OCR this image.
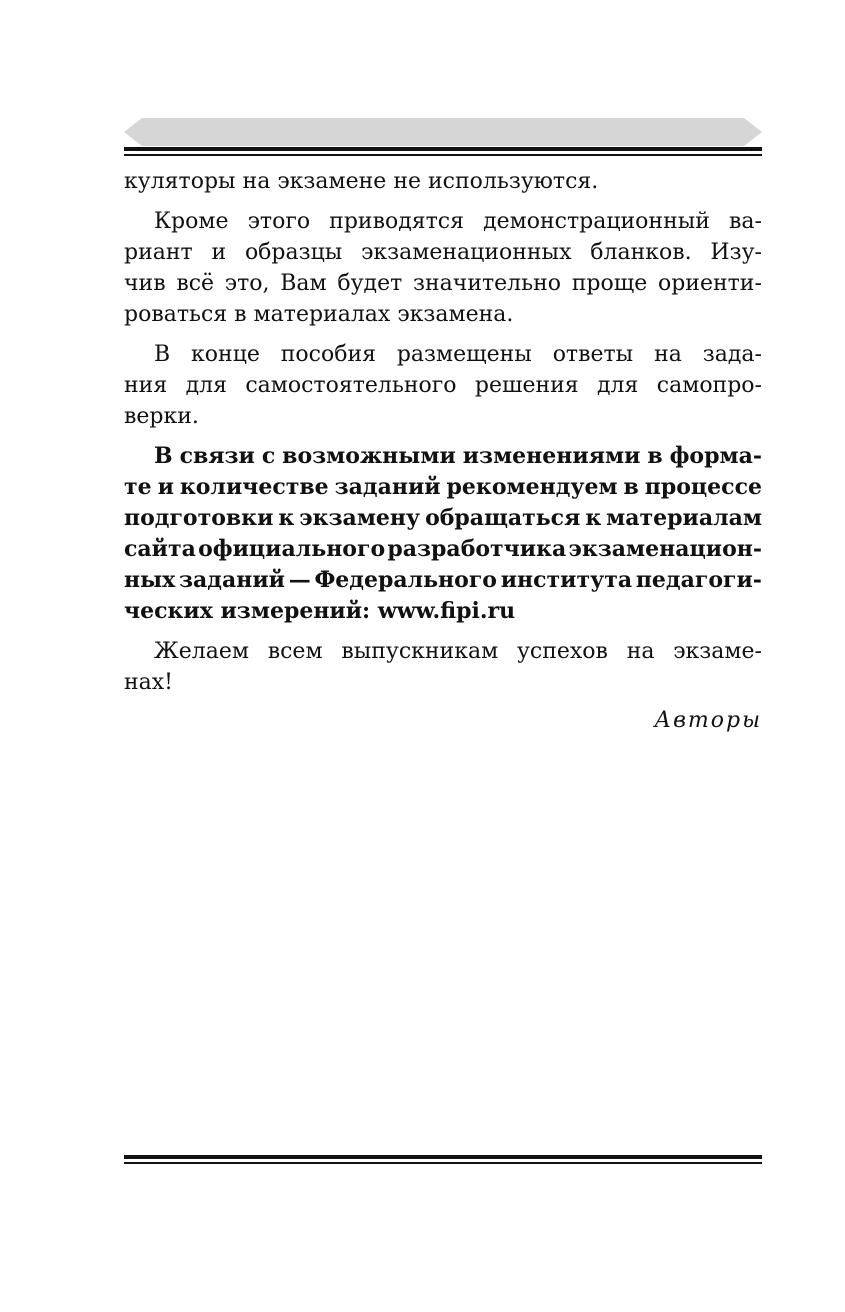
кулятоpы на экзамене не используются.
Кроме этого приводятся демонстрационный ва-
риант и образцы экзаменационных бланков. Изу-
чив всё это, Вам будет значительно проще ориенти-
роваться в материалах экзамена.
В конце пособия размещены ответы на зада-
ния для самостоятельного решения для самопро-
верки.
В связи с возможными изменениями в форма-
те и количестве заданий рекомендуем в процессе
подготовки к экзамену обращаться к материалам
сайта официального разработчика экзаменацион-
ных заданий — Федерального института педагоги-
ческих измерений: www.fipi.ru
Желаем всем выпускникам успехов на экзаме-
нах!
Авторы
